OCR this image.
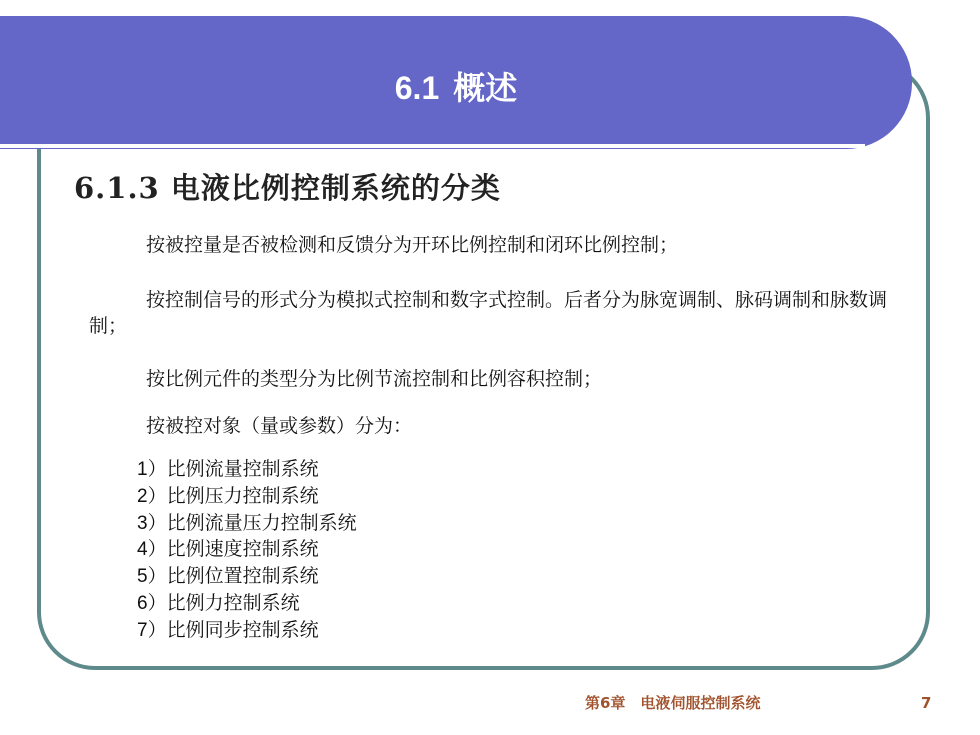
6.1 概述
6.1.3 电液比例控制系统的分类

按被控量是否被检测和反馈分为开环比例控制和闭环比例控制；

按控制信号的形式分为模拟式控制和数字式控制。后者分为脉宽调制、脉码调制和脉数调制；

按比例元件的类型分为比例节流控制和比例容积控制；

按被控对象（量或参数）分为：

1）比例流量控制系统
2）比例压力控制系统
3）比例流量压力控制系统
4）比例速度控制系统
5）比例位置控制系统
6）比例力控制系统
7）比例同步控制系统

第6章　电液伺服控制系统	7
